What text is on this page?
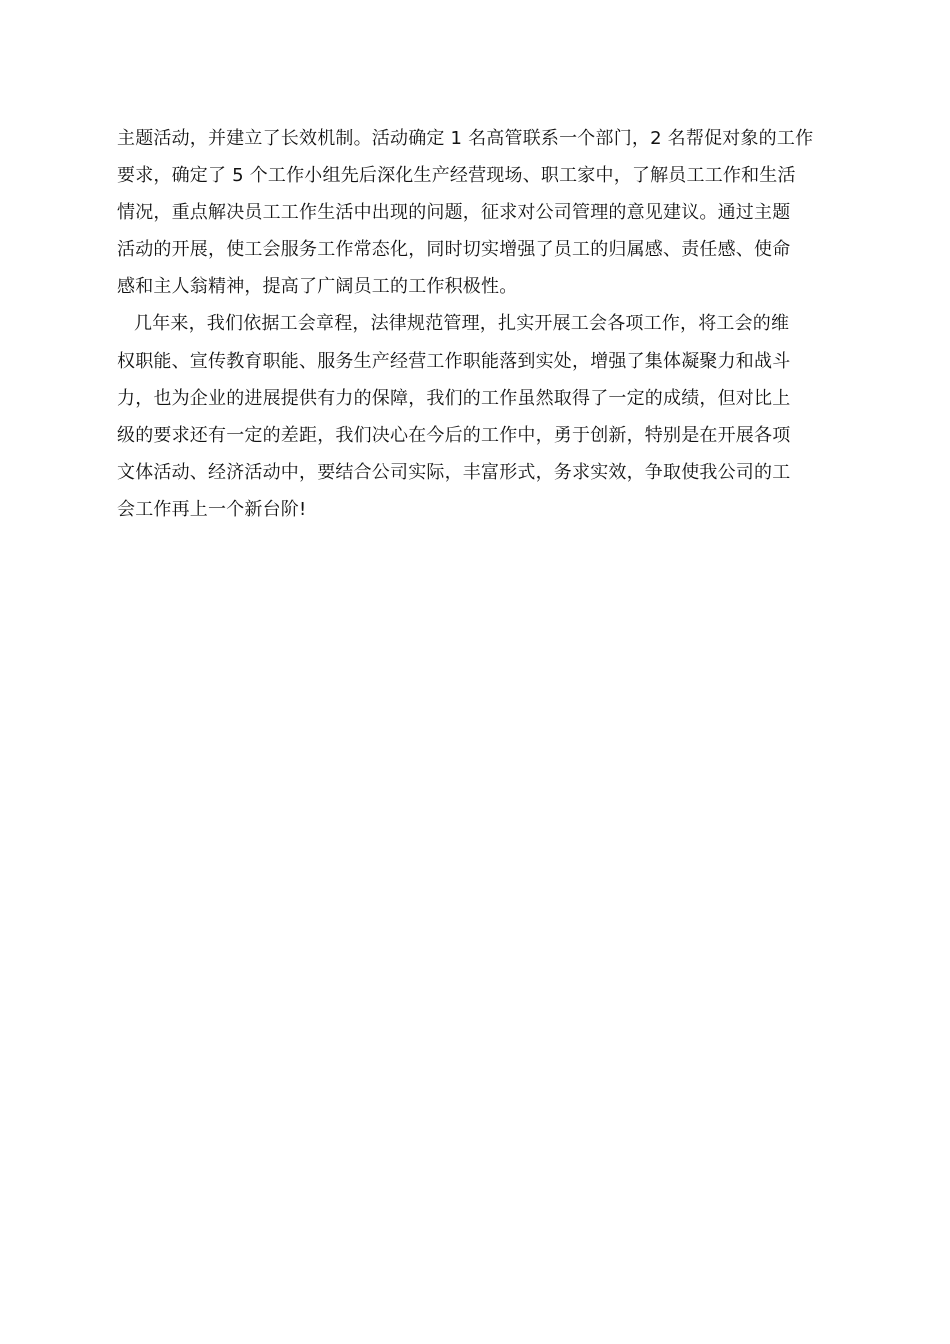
主题活动，并建立了长效机制。活动确定 1 名高管联系一个部门，2 名帮促对象的工作
要求，确定了 5 个工作小组先后深化生产经营现场、职工家中，了解员工工作和生活
情况，重点解决员工工作生活中出现的问题，征求对公司管理的意见建议。通过主题
活动的开展，使工会服务工作常态化，同时切实增强了员工的归属感、责任感、使命
感和主人翁精神，提高了广阔员工的工作积极性。
几年来，我们依据工会章程，法律规范管理，扎实开展工会各项工作，将工会的维
权职能、宣传教育职能、服务生产经营工作职能落到实处，增强了集体凝聚力和战斗
力，也为企业的进展提供有力的保障，我们的工作虽然取得了一定的成绩，但对比上
级的要求还有一定的差距，我们决心在今后的工作中，勇于创新，特别是在开展各项
文体活动、经济活动中，要结合公司实际，丰富形式，务求实效，争取使我公司的工
会工作再上一个新台阶!
